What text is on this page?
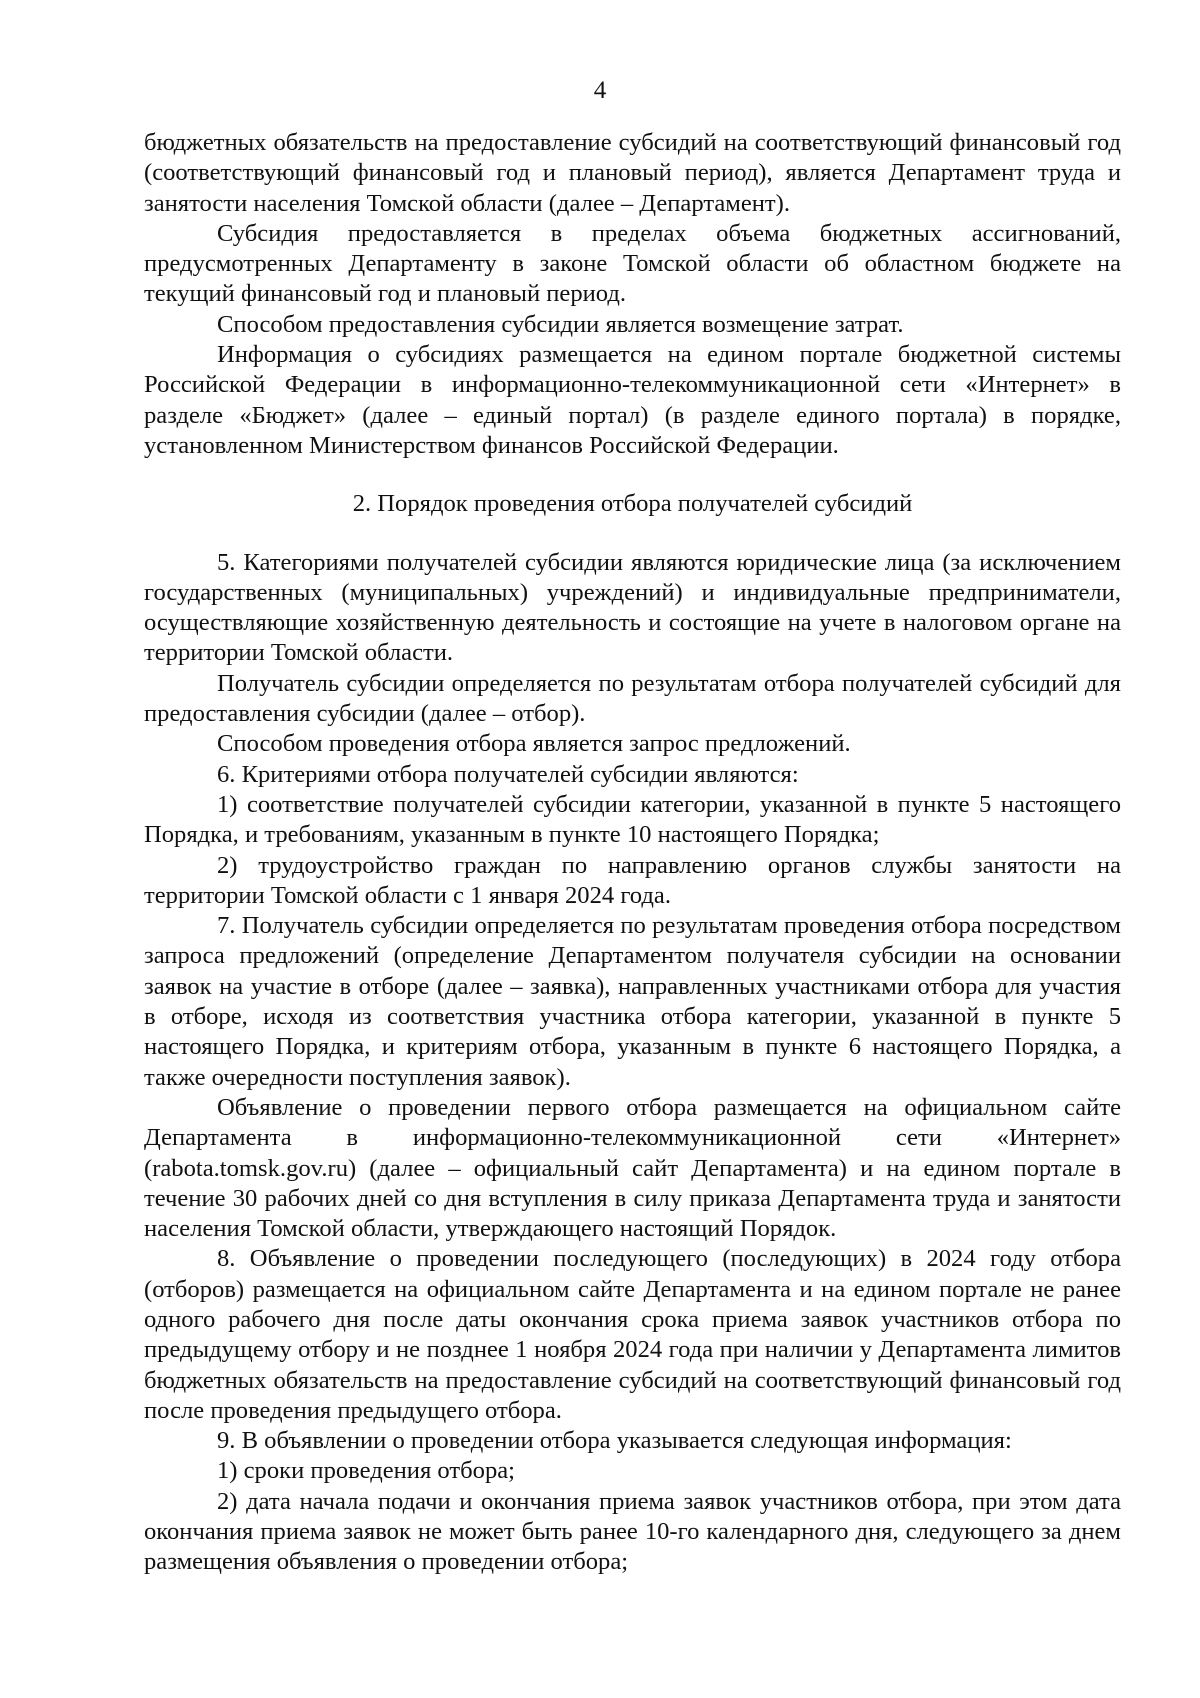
4

бюджетных обязательств на предоставление субсидий на соответствующий финансовый год (соответствующий финансовый год и плановый период), является Департамент труда и занятости населения Томской области (далее – Департамент).

Субсидия предоставляется в пределах объема бюджетных ассигнований, предусмотренных Департаменту в законе Томской области об областном бюджете на текущий финансовый год и плановый период.

Способом предоставления субсидии является возмещение затрат.

Информация о субсидиях размещается на едином портале бюджетной системы Российской Федерации в информационно-телекоммуникационной сети «Интернет» в разделе «Бюджет» (далее – единый портал) (в разделе единого портала) в порядке, установленном Министерством финансов Российской Федерации.

2. Порядок проведения отбора получателей субсидий

5. Категориями получателей субсидии являются юридические лица (за исключением государственных (муниципальных) учреждений) и индивидуальные предприниматели, осуществляющие хозяйственную деятельность и состоящие на учете в налоговом органе на территории Томской области.

Получатель субсидии определяется по результатам отбора получателей субсидий для предоставления субсидии (далее – отбор).

Способом проведения отбора является запрос предложений.

6. Критериями отбора получателей субсидии являются:

1) соответствие получателей субсидии категории, указанной в пункте 5 настоящего Порядка, и требованиям, указанным в пункте 10 настоящего Порядка;

2) трудоустройство граждан по направлению органов службы занятости на территории Томской области с 1 января 2024 года.

7. Получатель субсидии определяется по результатам проведения отбора посредством запроса предложений (определение Департаментом получателя субсидии на основании заявок на участие в отборе (далее – заявка), направленных участниками отбора для участия в отборе, исходя из соответствия участника отбора категории, указанной в пункте 5 настоящего Порядка, и критериям отбора, указанным в пункте 6 настоящего Порядка, а также очередности поступления заявок).

Объявление о проведении первого отбора размещается на официальном сайте Департамента в информационно-телекоммуникационной сети «Интернет» (rabota.tomsk.gov.ru) (далее – официальный сайт Департамента) и на едином портале в течение 30 рабочих дней со дня вступления в силу приказа Департамента труда и занятости населения Томской области, утверждающего настоящий Порядок.

8. Объявление о проведении последующего (последующих) в 2024 году отбора (отборов) размещается на официальном сайте Департамента и на едином портале не ранее одного рабочего дня после даты окончания срока приема заявок участников отбора по предыдущему отбору и не позднее 1 ноября 2024 года при наличии у Департамента лимитов бюджетных обязательств на предоставление субсидий на соответствующий финансовый год после проведения предыдущего отбора.

9. В объявлении о проведении отбора указывается следующая информация:

1) сроки проведения отбора;

2) дата начала подачи и окончания приема заявок участников отбора, при этом дата окончания приема заявок не может быть ранее 10-го календарного дня, следующего за днем размещения объявления о проведении отбора;
